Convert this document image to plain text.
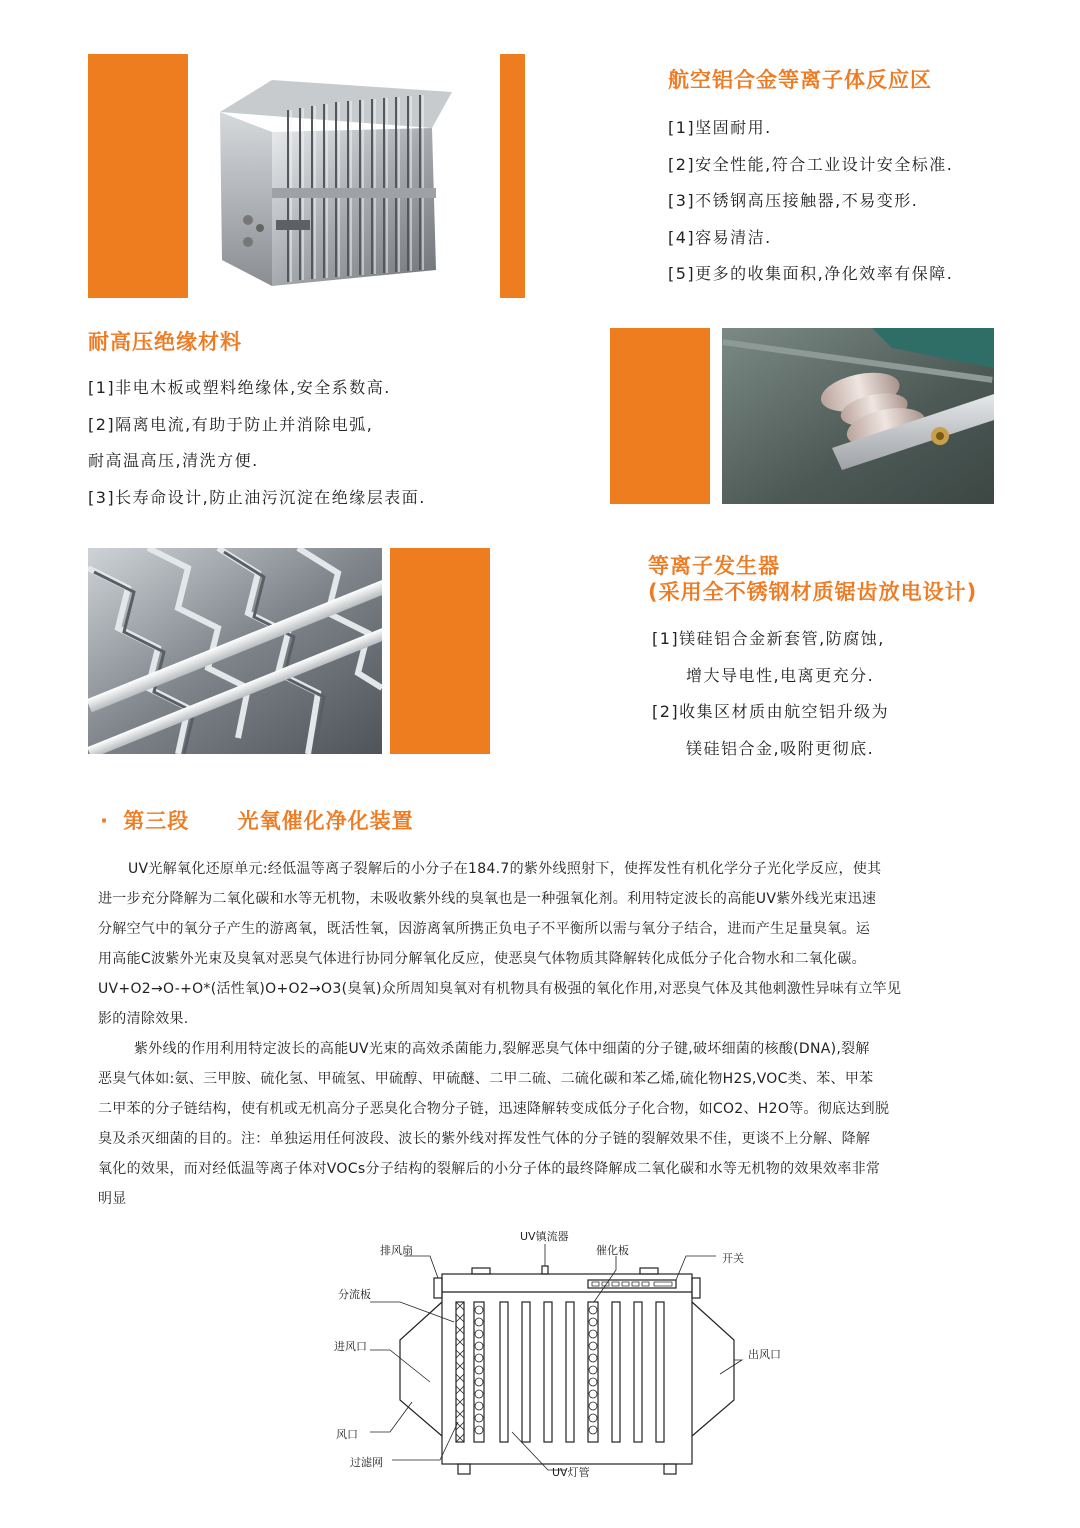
航空铝合金等离子体反应区
[1]坚固耐用.
[2]安全性能,符合工业设计安全标准.
[3]不锈钢高压接触器,不易变形.
[4]容易清洁.
[5]更多的收集面积,净化效率有保障.
耐高压绝缘材料
[1]非电木板或塑料绝缘体,安全系数高.
[2]隔离电流,有助于防止并消除电弧,
耐高温高压,清洗方便.
[3]长寿命设计,防止油污沉淀在绝缘层表面.
等离子发生器
(采用全不锈钢材质锯齿放电设计)
[1]镁硅铝合金新套管,防腐蚀,
增大导电性,电离更充分.
[2]收集区材质由航空铝升级为
镁硅铝合金,吸附更彻底.
· 第三段 光氧催化净化装置
UV光解氧化还原单元:经低温等离子裂解后的小分子在184.7的紫外线照射下，使挥发性有机化学分子光化学反应，使其
进一步充分降解为二氧化碳和水等无机物，未吸收紫外线的臭氧也是一种强氧化剂。利用特定波长的高能UV紫外线光束迅速
分解空气中的氧分子产生的游离氧，既活性氧，因游离氧所携正负电子不平衡所以需与氧分子结合，进而产生足量臭氧。运
用高能C波紫外光束及臭氧对恶臭气体进行协同分解氧化反应，使恶臭气体物质其降解转化成低分子化合物水和二氧化碳。
UV+O2→O-+O*(活性氧)O+O2→O3(臭氧)众所周知臭氧对有机物具有极强的氧化作用,对恶臭气体及其他刺激性异味有立竿见
影的清除效果.
紫外线的作用利用特定波长的高能UV光束的高效杀菌能力,裂解恶臭气体中细菌的分子键,破坏细菌的核酸(DNA),裂解
恶臭气体如:氨、三甲胺、硫化氢、甲硫氢、甲硫醇、甲硫醚、二甲二硫、二硫化碳和苯乙烯,硫化物H2S,VOC类、苯、甲苯
二甲苯的分子链结构，使有机或无机高分子恶臭化合物分子链，迅速降解转变成低分子化合物，如CO2、H2O等。彻底达到脱
臭及杀灭细菌的目的。注：单独运用任何波段、波长的紫外线对挥发性气体的分子链的裂解效果不佳，更谈不上分解、降解
氧化的效果，而对经低温等离子体对VOCs分子结构的裂解后的小分子体的最终降解成二氧化碳和水等无机物的效果效率非常
明显
UV镇流器
排风扇	催化板
开关
分流板
进风口
出风口
风口
过滤网
UV灯管
